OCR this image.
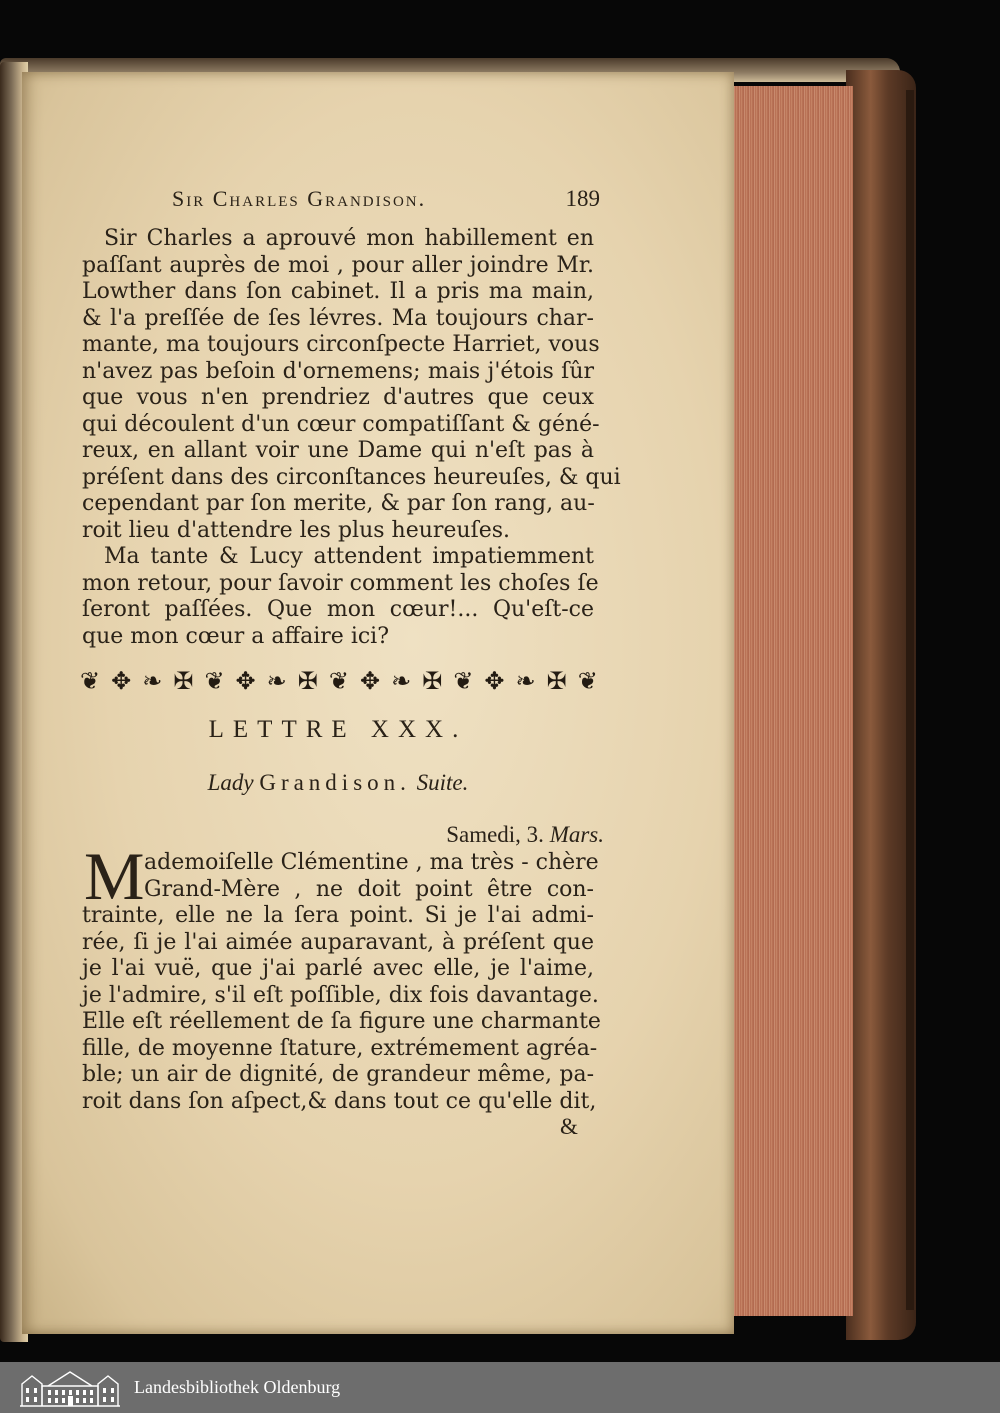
Sir Charles Grandison.	189
Sir Charles a aprouvé mon habillement en
paſſant auprès de moi , pour aller joindre Mr.
Lowther dans ſon cabinet. Il a pris ma main,
& l'a preſſée de ſes lévres. Ma toujours char-
mante, ma toujours circonſpecte Harriet, vous
n'avez pas beſoin d'ornemens; mais j'étois ſûr
que vous n'en prendriez d'autres que ceux
qui découlent d'un cœur compatiſſant & géné-
reux, en allant voir une Dame qui n'eſt pas à
préſent dans des circonſtances heureuſes, & qui
cependant par ſon merite, & par ſon rang, au-
roit lieu d'attendre les plus heureuſes.
Ma tante & Lucy attendent impatiemment
mon retour, pour ſavoir comment les choſes ſe
ſeront paſſées. Que mon cœur!... Qu'eſt-ce
que mon cœur a affaire ici?
❦ ✥ ❧ ✠ ❦ ✥ ❧ ✠ ❦ ✥ ❧ ✠ ❦ ✥ ❧ ✠ ❦
LETTRE XXX.
Lady Grandison. Suite.
Samedi, 3. Mars.
M ademoiſelle Clémentine , ma très - chère
Grand-Mère , ne doit point être con-
trainte, elle ne la ſera point. Si je l'ai admi-
rée, ſi je l'ai aimée auparavant, à préſent que
je l'ai vuë, que j'ai parlé avec elle, je l'aime,
je l'admire, s'il eſt poſſible, dix fois davantage.
Elle eſt réellement de ſa figure une charmante
fille, de moyenne ſtature, extrémement agréa-
ble; un air de dignité, de grandeur même, pa-
roit dans ſon aſpect,& dans tout ce qu'elle dit,
&
Landesbibliothek Oldenburg
